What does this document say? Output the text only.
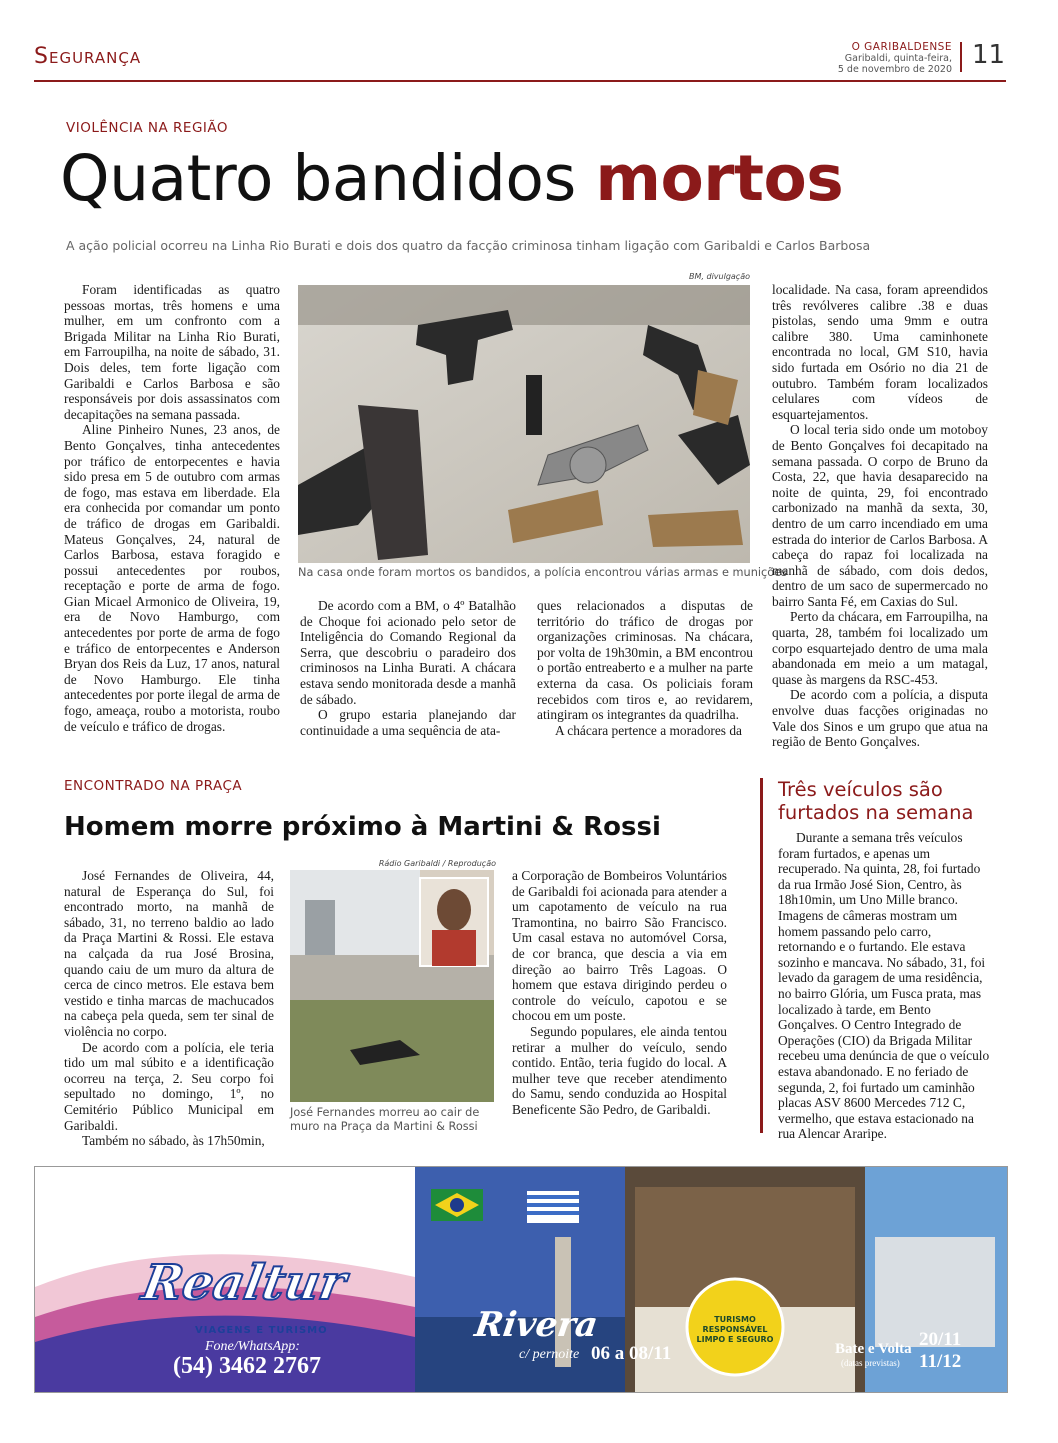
Segurança	O GARIBALDENSE
Garibaldi, quinta-feira,
5 de novembro de 2020 11
VIOLÊNCIA NA REGIÃO
Quatro bandidos mortos
A ação policial ocorreu na Linha Rio Burati e dois dos quatro da facção criminosa tinham ligação com Garibaldi e Carlos Barbosa

Foram identificadas as quatro pessoas mortas, três homens e uma mulher, em um confronto com a Brigada Militar na Linha Rio Burati, em Farroupilha, na noite de sábado, 31. Dois deles, tem forte ligação com Garibaldi e Carlos Barbosa e são responsáveis por dois assassinatos com decapitações na semana passada.

Aline Pinheiro Nunes, 23 anos, de Bento Gonçalves, tinha antecedentes por tráfico de entorpecentes e havia sido presa em 5 de outubro com armas de fogo, mas estava em liberdade. Ela era conhecida por comandar um ponto de tráfico de drogas em Garibaldi. Mateus Gonçalves, 24, natural de Carlos Barbosa, estava foragido e possui antecedentes por roubos, receptação e porte de arma de fogo. Gian Micael Armonico de Oliveira, 19, era de Novo Hamburgo, com antecedentes por porte de arma de fogo e tráfico de entorpecentes e Anderson Bryan dos Reis da Luz, 17 anos, natural de Novo Hamburgo. Ele tinha antecedentes por porte ilegal de arma de fogo, ameaça, roubo a motorista, roubo de veículo e tráfico de drogas.

BM, divulgação
Na casa onde foram mortos os bandidos, a polícia encontrou várias armas e munições

De acordo com a BM, o 4º Batalhão de Choque foi acionado pelo setor de Inteligência do Comando Regional da Serra, que descobriu o paradeiro dos criminosos na Linha Burati. A chácara estava sendo monitorada desde a manhã de sábado.

O grupo estaria planejando dar continuidade a uma sequência de ata-

ques relacionados a disputas de território do tráfico de drogas por organizações criminosas. Na chácara, por volta de 19h30min, a BM encontrou o portão entreaberto e a mulher na parte externa da casa. Os policiais foram recebidos com tiros e, ao revidarem, atingiram os integrantes da quadrilha.

A chácara pertence a moradores da

localidade. Na casa, foram apreendidos três revólveres calibre .38 e duas pistolas, sendo uma 9mm e outra calibre 380. Uma caminhonete encontrada no local, GM S10, havia sido furtada em Osório no dia 21 de outubro. Também foram localizados celulares com vídeos de esquartejamentos.

O local teria sido onde um motoboy de Bento Gonçalves foi decapitado na semana passada. O corpo de Bruno da Costa, 22, que havia desaparecido na noite de quinta, 29, foi encontrado carbonizado na manhã da sexta, 30, dentro de um carro incendiado em uma estrada do interior de Carlos Barbosa. A cabeça do rapaz foi localizada na manhã de sábado, com dois dedos, dentro de um saco de supermercado no bairro Santa Fé, em Caxias do Sul.

Perto da chácara, em Farroupilha, na quarta, 28, também foi localizado um corpo esquartejado dentro de uma mala abandonada em meio a um matagal, quase às margens da RSC-453.

De acordo com a polícia, a disputa envolve duas facções originadas no Vale dos Sinos e um grupo que atua na região de Bento Gonçalves.

ENCONTRADO NA PRAÇA
Homem morre próximo à Martini & Rossi

José Fernandes de Oliveira, 44, natural de Esperança do Sul, foi encontrado morto, na manhã de sábado, 31, no terreno baldio ao lado da Praça Martini & Rossi. Ele estava na calçada da rua José Brosina, quando caiu de um muro da altura de cerca de cinco metros. Ele estava bem vestido e tinha marcas de machucados na cabeça pela queda, sem ter sinal de violência no corpo.

De acordo com a polícia, ele teria tido um mal súbito e a identificação ocorreu na terça, 2. Seu corpo foi sepultado no domingo, 1º, no Cemitério Público Municipal em Garibaldi.

Também no sábado, às 17h50min,

Rádio Garibaldi / Reprodução
José Fernandes morreu ao cair de muro na Praça da Martini & Rossi

a Corporação de Bombeiros Voluntários de Garibaldi foi acionada para atender a um capotamento de veículo na rua Tramontina, no bairro São Francisco. Um casal estava no automóvel Corsa, de cor branca, que descia a via em direção ao bairro Três Lagoas. O homem que estava dirigindo perdeu o controle do veículo, capotou e se chocou em um poste.

Segundo populares, ele ainda tentou retirar a mulher do veículo, sendo contido. Então, teria fugido do local. A mulher teve que receber atendimento do Samu, sendo conduzida ao Hospital Beneficente São Pedro, de Garibaldi.

Três veículos são
furtados na semana

Durante a semana três veículos foram furtados, e apenas um recuperado. Na quinta, 28, foi furtado da rua Irmão José Sion, Centro, às 18h10min, um Uno Mille branco. Imagens de câmeras mostram um homem passando pelo carro, retornando e o furtando. Ele estava sozinho e mancava. No sábado, 31, foi levado da garagem de uma residência, no bairro Glória, um Fusca prata, mas localizado à tarde, em Bento Gonçalves. O Centro Integrado de Operações (CIO) da Brigada Militar recebeu uma denúncia de que o veículo estava abandonado. E no feriado de segunda, 2, foi furtado um caminhão placas ASV 8600 Mercedes 712 C, vermelho, que estava estacionado na rua Alencar Araripe.

Realtur
VIAGENS E TURISMO
Fone/WhatsApp:
(54) 3462 2767
Rivera
c/ pernoite 06 a 08/11
TURISMO
RESPONSÁVEL
LIMPO E SEGURO
Bate e Volta
(datas previstas)
20/11
11/12
